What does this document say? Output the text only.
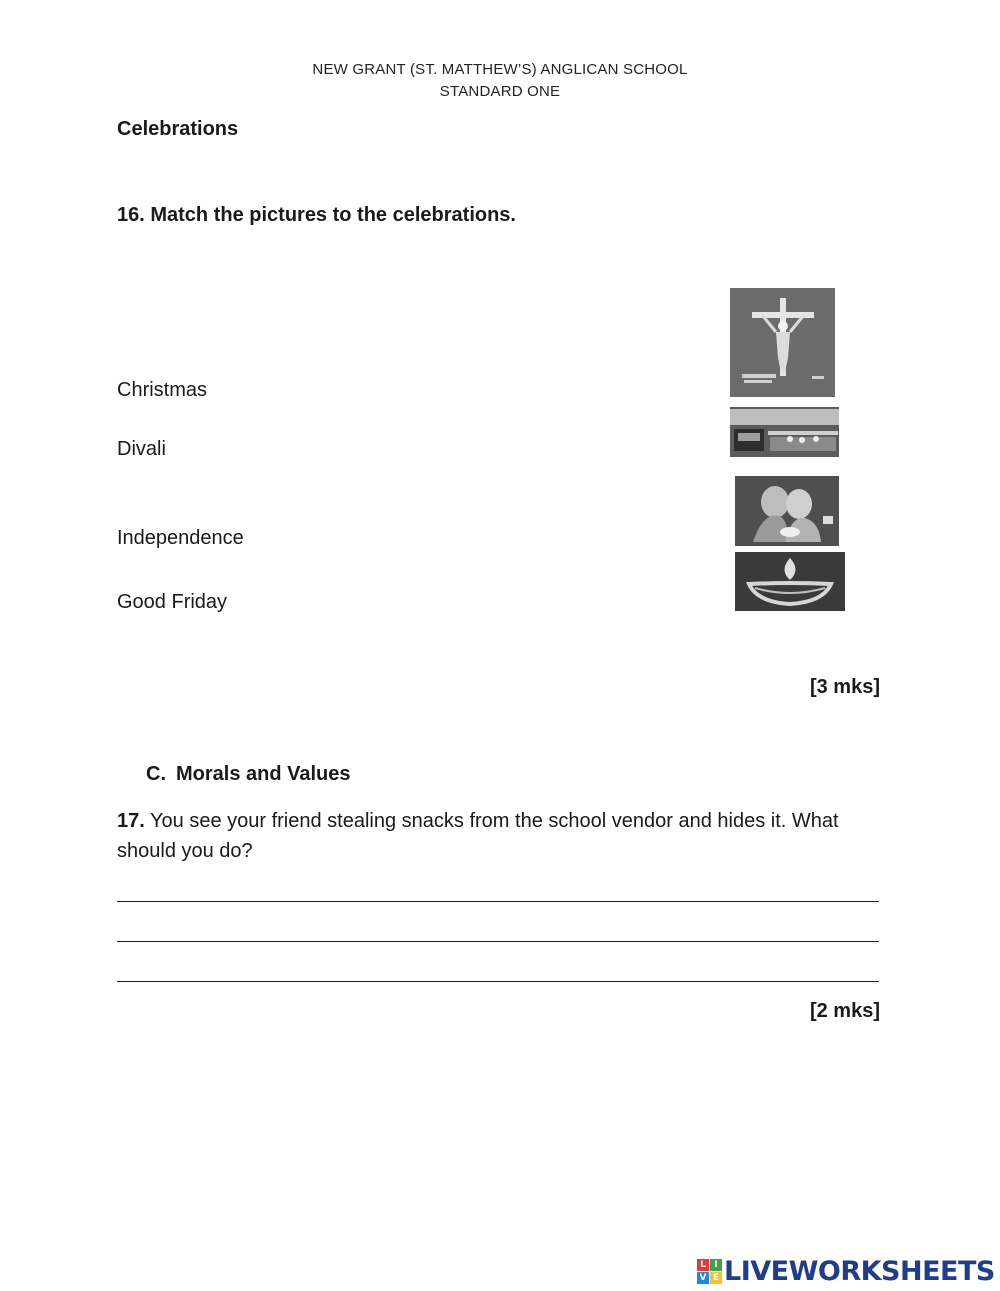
NEW GRANT (ST. MATTHEW’S) ANGLICAN SCHOOL
STANDARD ONE
Celebrations
16. Match the pictures to the celebrations.
Christmas
Divali
Independence
Good Friday
[3 mks]
C. Morals and Values
17. You see your friend stealing snacks from the school vendor and hides it. What should you do?
[2 mks]
L I
V E LIVEWORKSHEETS
